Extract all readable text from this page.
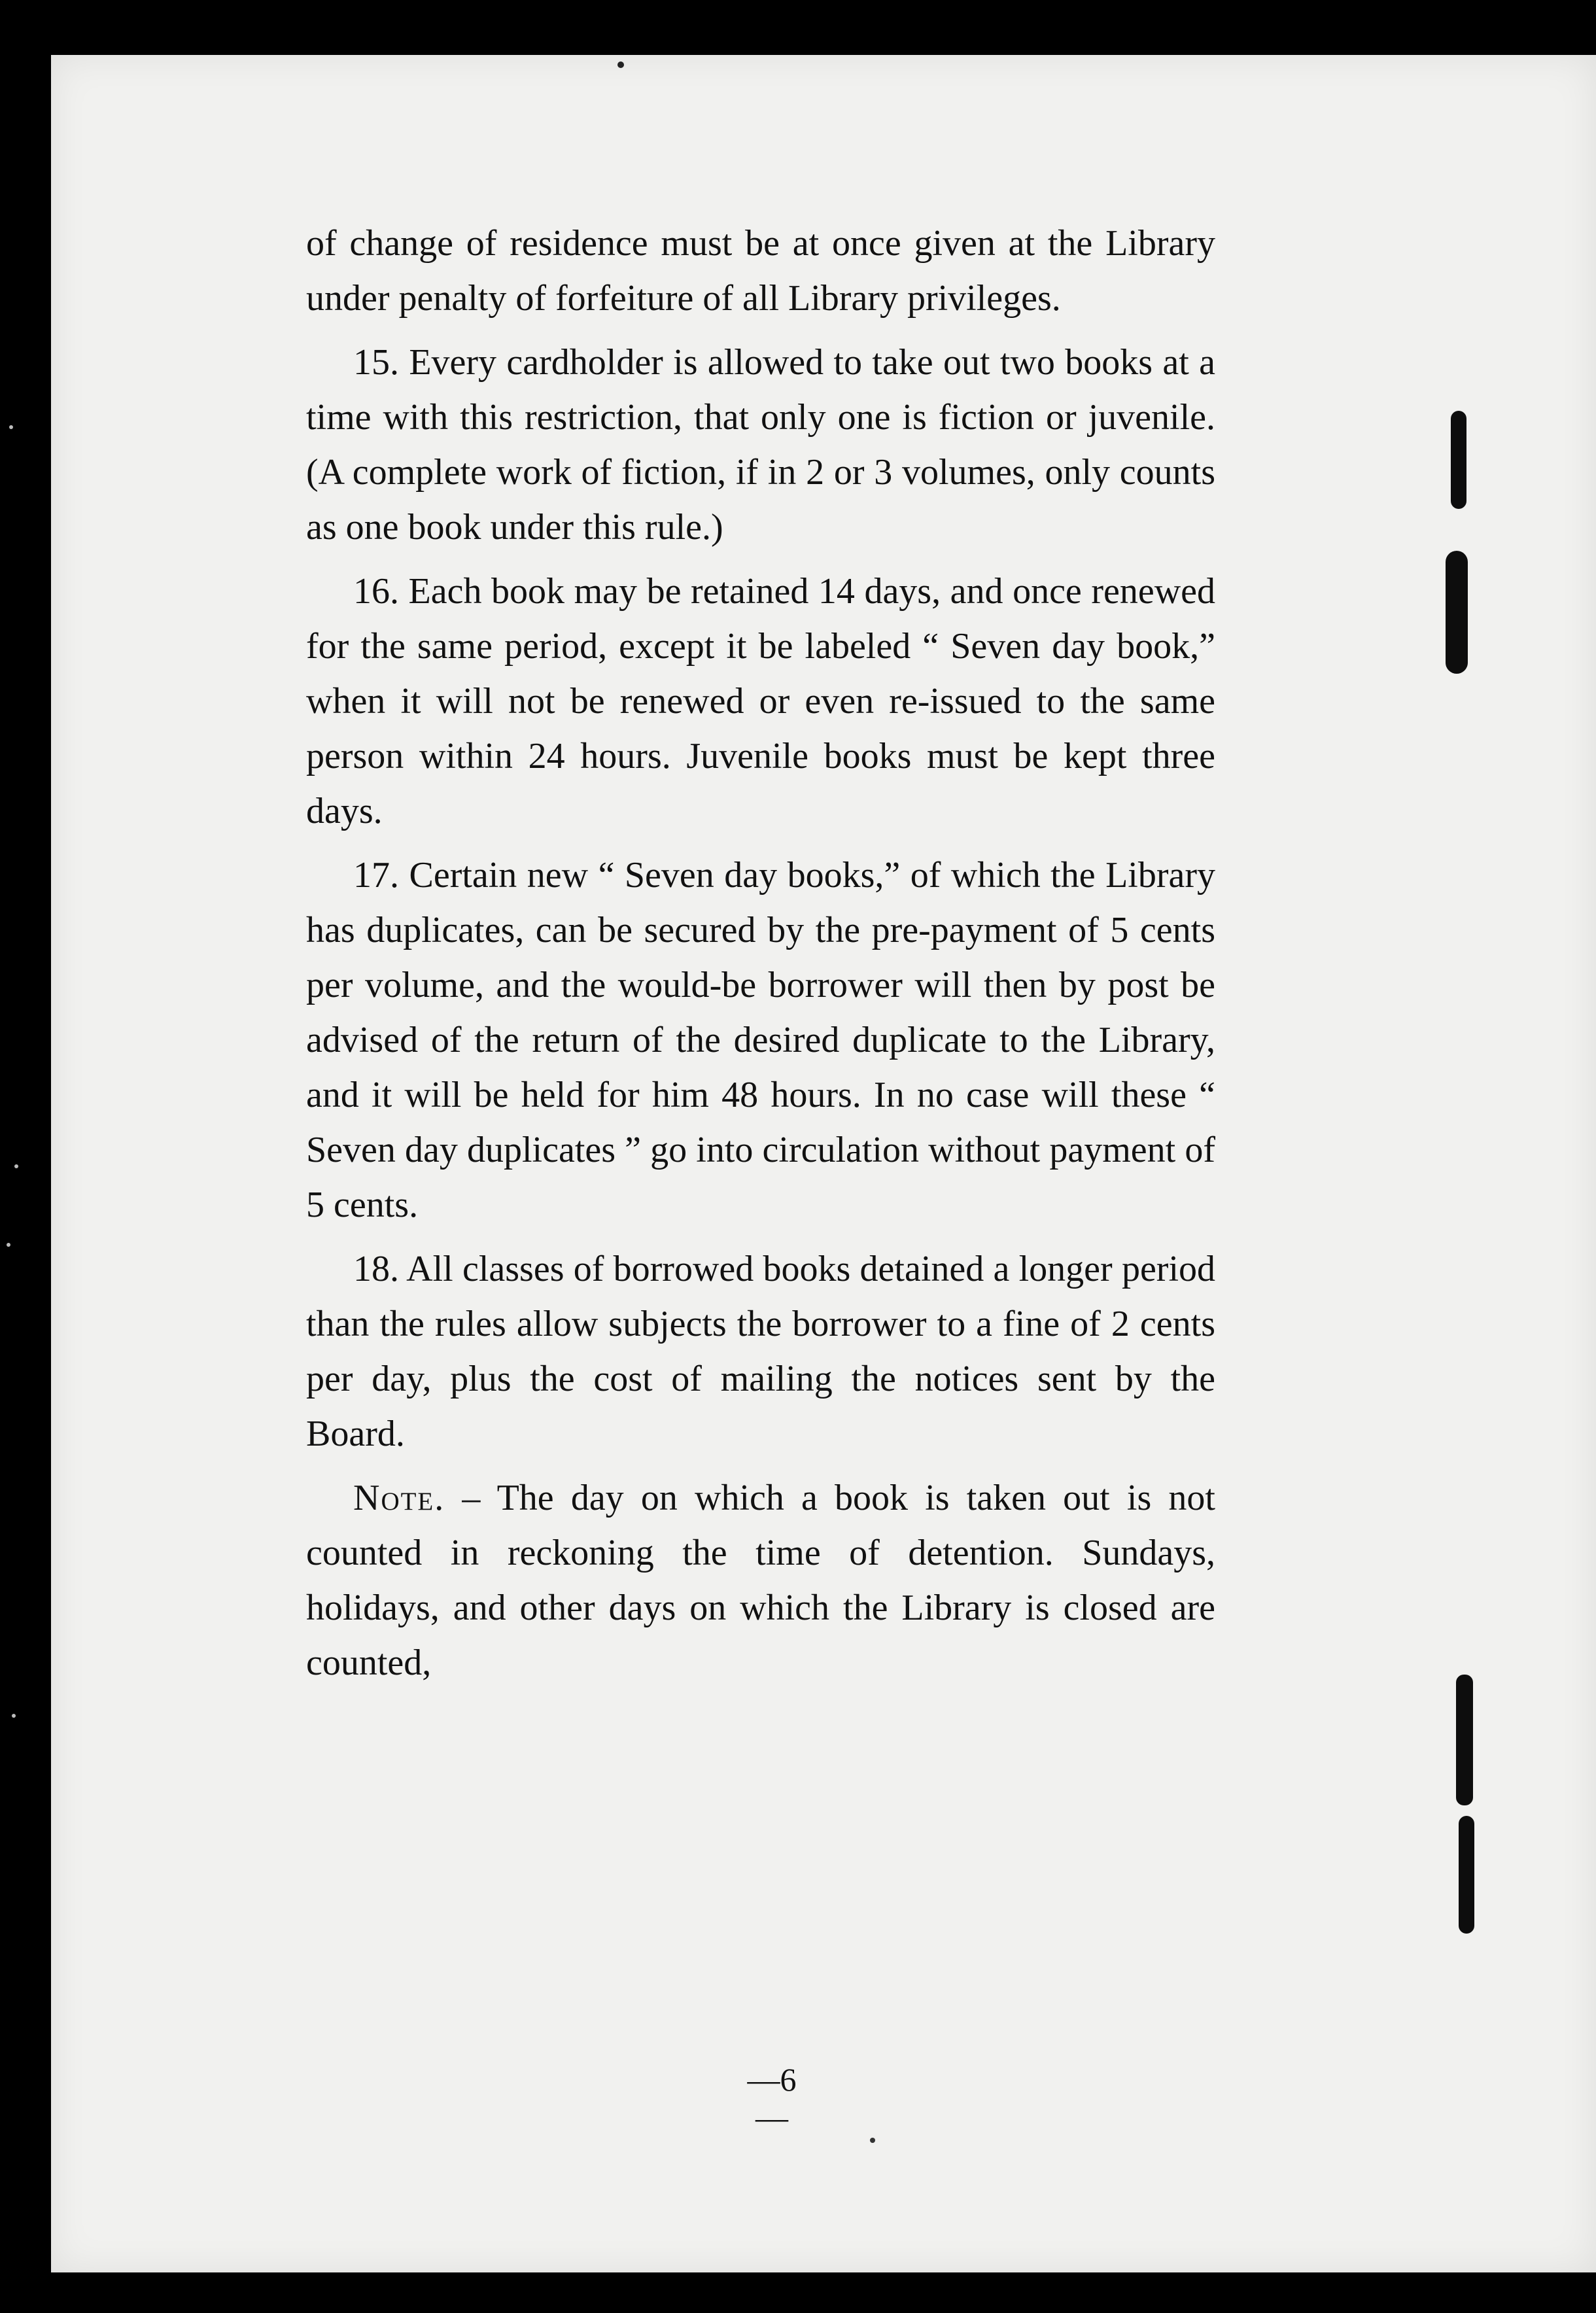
of change of residence must be at once given at the Library under penalty of forfeiture of all Library privileges.

15. Every cardholder is allowed to take out two books at a time with this restriction, that only one is fiction or juvenile. (A complete work of fiction, if in 2 or 3 volumes, only counts as one book under this rule.)

16. Each book may be retained 14 days, and once renewed for the same period, except it be labeled “ Seven day book,” when it will not be renewed or even re-issued to the same person within 24 hours. Juvenile books must be kept three days.

17. Certain new “ Seven day books,” of which the Library has duplicates, can be secured by the pre-payment of 5 cents per volume, and the would-be borrower will then by post be advised of the return of the desired duplicate to the Library, and it will be held for him 48 hours. In no case will these “ Seven day duplicates ” go into circulation without payment of 5 cents.

18. All classes of borrowed books detained a longer period than the rules allow subjects the borrower to a fine of 2 cents per day, plus the cost of mailing the notices sent by the Board.

Note. – The day on which a book is taken out is not counted in reckoning the time of detention. Sundays, holidays, and other days on which the Library is closed are counted,

—6—
